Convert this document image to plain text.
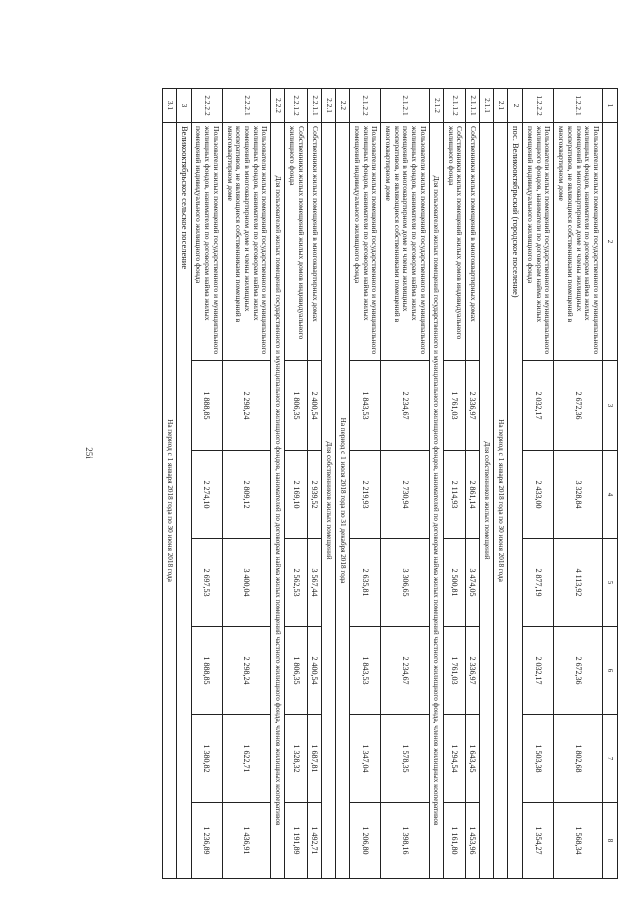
25i
1	2	3	4	5	6	7	8
1.2.2.1	Пользователи жилых помещений государственного и муниципального жилищных фондов, наниматели по договорам найма жилых помещений в многоквартирном доме и члены жилищных кооперативов, не являющиеся собственниками помещений в многоквартирном доме	2 672,36	3 328,84	4 113,92	2 672,36	1 802,68	1 568,34
1.2.2.2	Пользователи жилых помещений государственного и муниципального жилищного фондов, наниматели по договорам найма жилых помещений индивидуального жилищного фонда	2 032,17	2 433,00	2 877,19	2 032,17	1 503,38	1 354,27
2	пос. Великооктябрьский (городское поселение)						
2.1	На период с 1 января 2018 года по 30 июня 2018 года						
2.1.1	Для собственников жилых помещений						
2.1.1.1	Собственники жилых помещений в многоквартирных домах	2 336,97	2 861,14	3 474,05	2 336,97	1 643,45	1 453,96
2.1.1.2	Собственники жилых помещений жилых домов индивидуального жилищного фонда	1 761,03	2 114,93	2 500,81	1 761,03	1 294,54	1 161,80
2.1.2	Для пользователей жилых помещений государственного и муниципального жилищного фондов, нанимателей по договорам найма жилых помещений частного жилищного фонда, членов жилищных кооперативов						
2.1.2.1	Пользователи жилых помещений государственного и муниципального жилищных фондов, наниматели по договорам найма жилых помещений в многоквартирном доме и члены жилищных кооперативов, не являющиеся собственниками помещений в многоквартирном доме	2 234,67	2 730,94	3 306,65	2 234,67	1 578,35	1 398,16
2.1.2.2	Пользователи жилых помещений государственного и муниципального жилищных фондов, наниматели по договорам найма жилых помещений индивидуального жилищного фонда	1 843,53	2 219,93	2 635,81	1 843,53	1 347,04	1 206,80
2.2	На период с 1 июля 2018 года по 31 декабря 2018 года						
2.2.1	Для собственников жилых помещений						
2.2.1.1	Собственники жилых помещений в многоквартирных домах	2 400,54	2 939,52	3 567,44	2 400,54	1 687,81	1 492,71
2.2.1.2	Собственники жилых помещений жилых домов индивидуального жилищного фонда	1 806,35	2 169,10	2 562,53	1 806,35	1 328,32	1 191,89
2.2.2	Для пользователей жилых помещений государственного и муниципального жилищного фондов, нанимателей по договорам найма жилых помещений частного жилищного фонда, членов жилищных кооперативов						
2.2.2.1	Пользователи жилых помещений государственного и муниципального жилищных фондов, наниматели по договорам найма жилых помещений в многоквартирном доме и члены жилищных кооперативов, не являющиеся собственниками помещений в многоквартирном доме	2 298,24	2 809,12	3 400,04	2 298,24	1 622,71	1 436,91
2.2.2.2	Пользователи жилых помещений государственного и муниципального жилищных фондов, наниматели по договорам найма жилых помещений индивидуального жилищного фонда	1 888,85	2 274,10	2 697,53	1 888,85	1 380,82	1 236,89
3	Великооктябрьское сельское поселение						
3.1	На период с 1 января 2018 года по 30 июня 2018 года						
